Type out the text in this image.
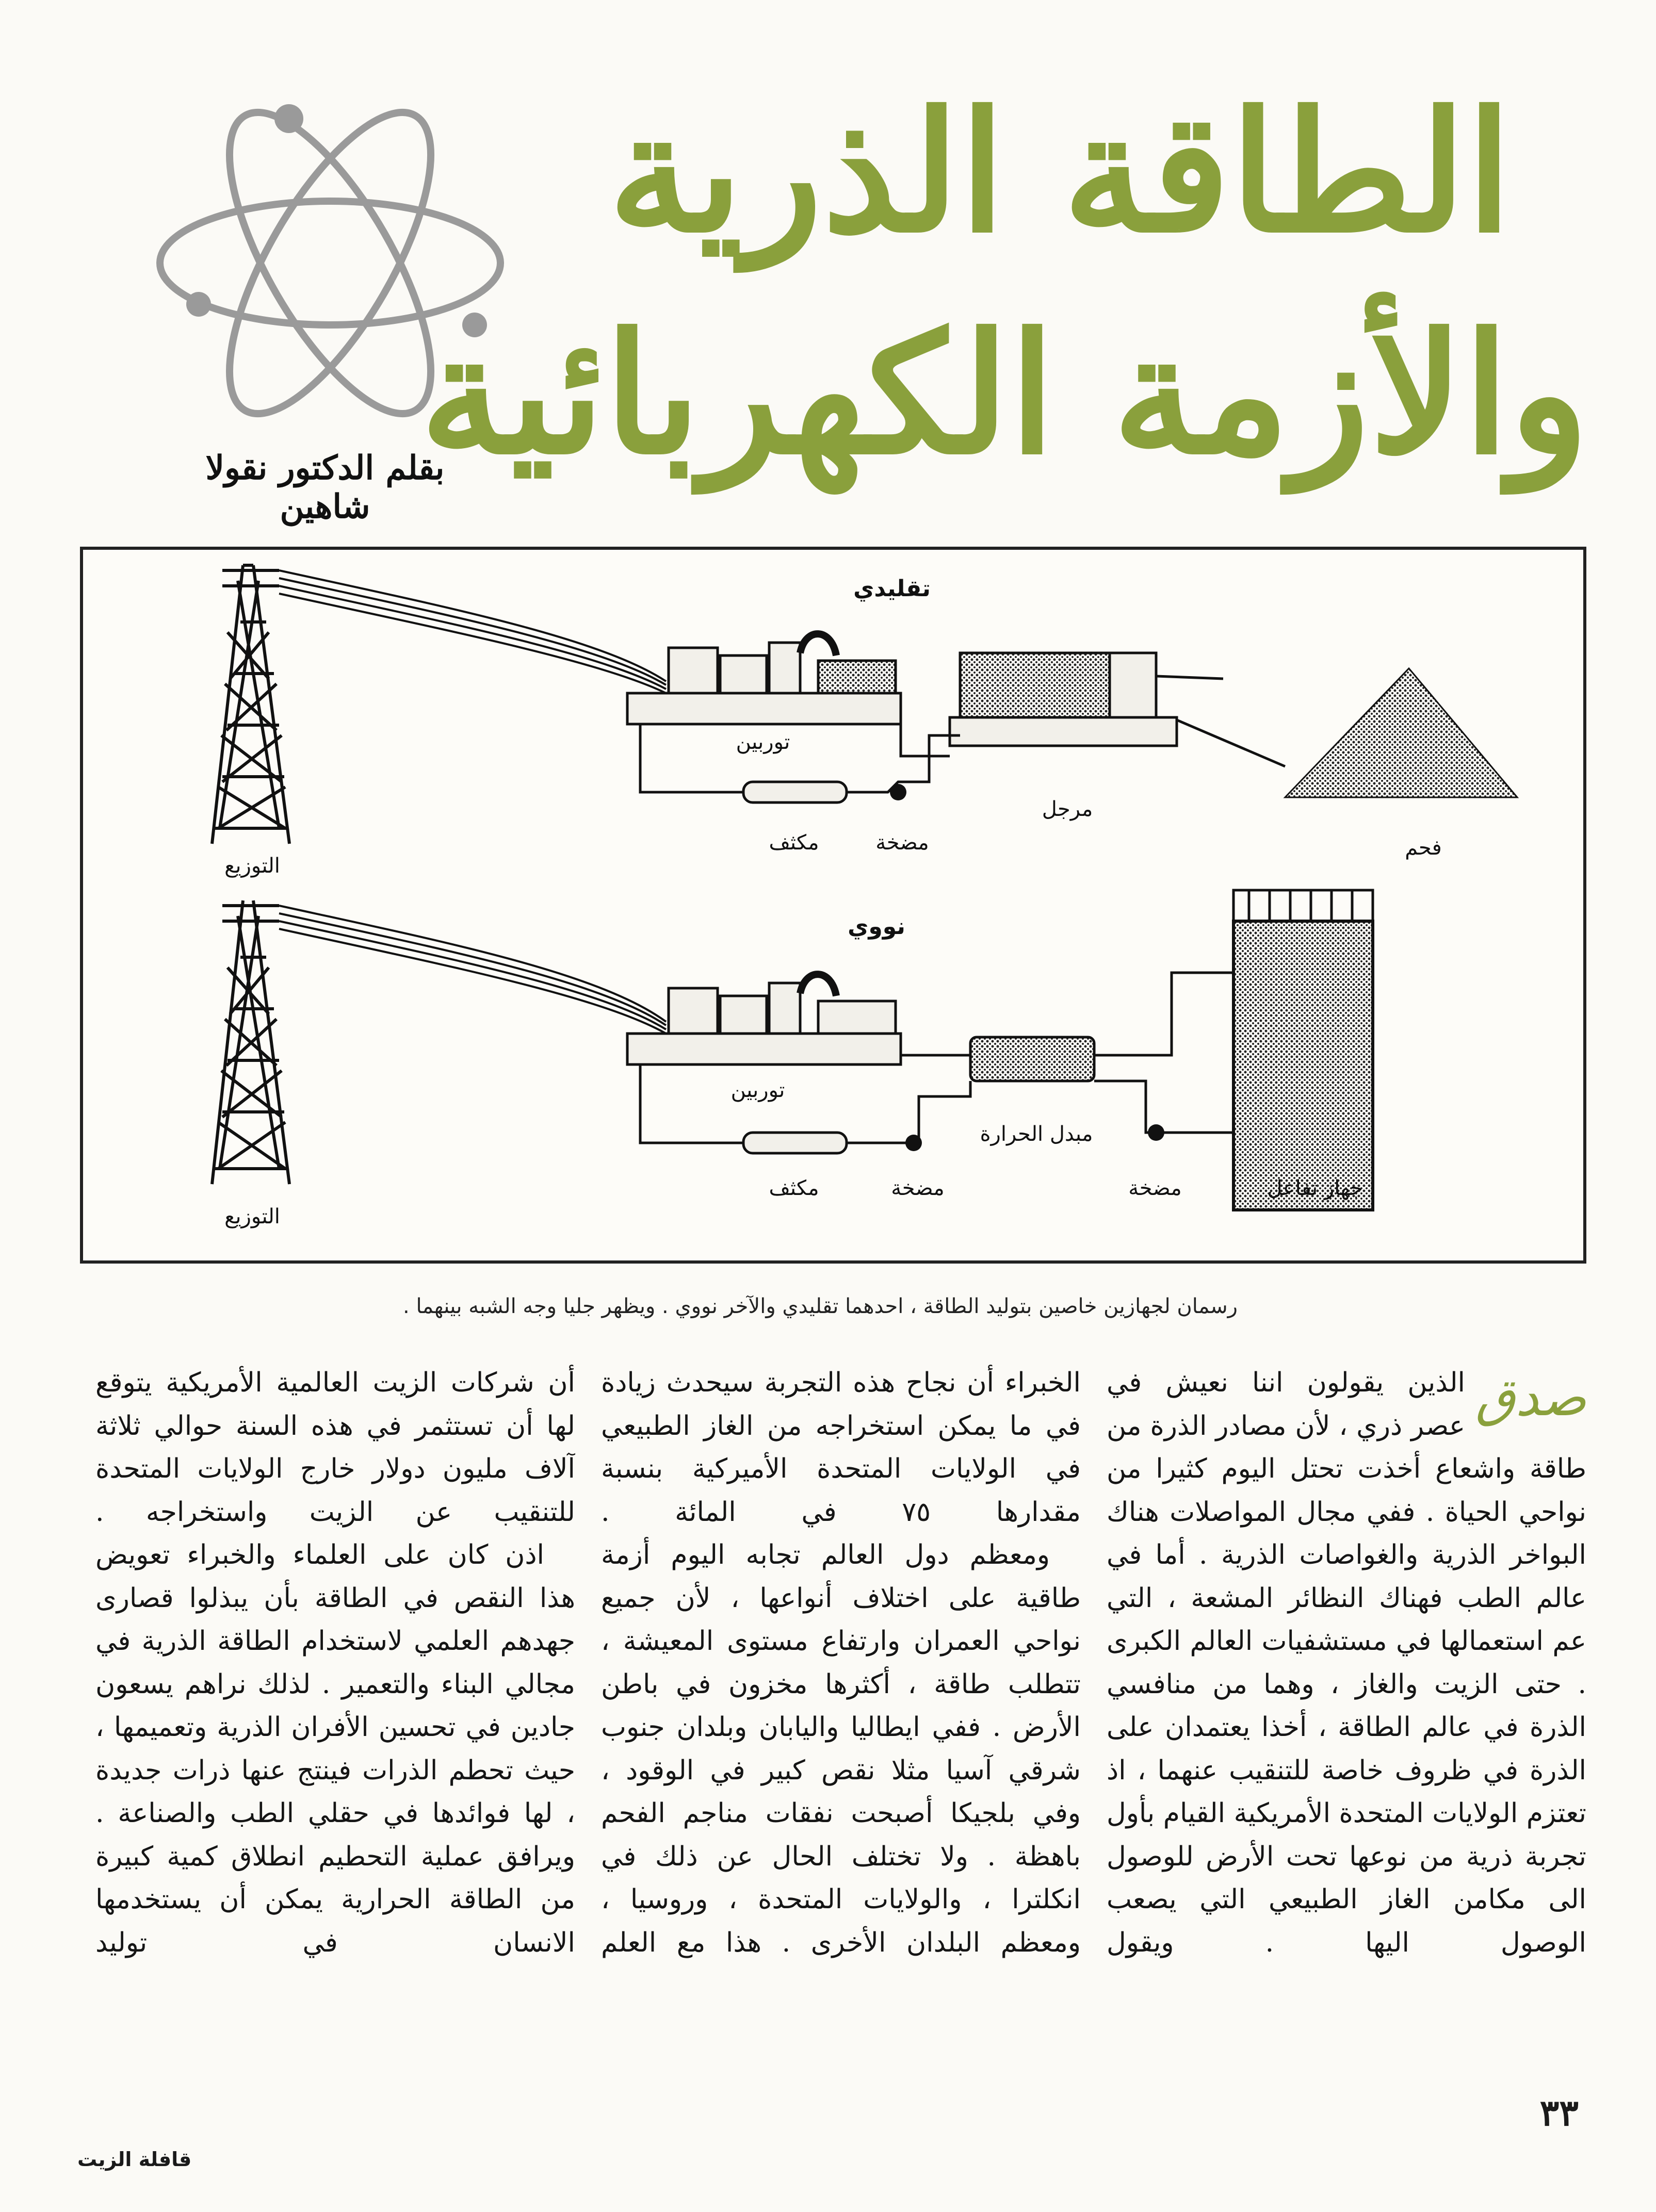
الطاقة الذرية
والأزمة الكهربائية
بقلم الدكتور نقولا شاهين
تقليدي
توربين
مرجل
مكثف	مضخة	فحم
التوزيع
نووي
توربين
مبدل الحرارة
مكثف	مضخة	مضخة	جهاز تفاعل
التوزيع
رسمان لجهازين خاصين بتوليد الطاقة ، احدهما تقليدي والآخر نووي . ويظهر جليا وجه الشبه بينهما .
صدق

الذين يقولون اننا نعيش في عصر ذري ، لأن مصادر الذرة من طاقة واشعاع أخذت تحتل اليوم كثيرا من نواحي الحياة . ففي مجال المواصلات هناك البواخر الذرية والغواصات الذرية . أما في عالم الطب فهناك النظائر المشعة ، التي عم استعمالها في مستشفيات العالم الكبرى . حتى الزيت والغاز ، وهما من منافسي الذرة في عالم الطاقة ، أخذا يعتمدان على الذرة في ظروف خاصة للتنقيب عنهما ، اذ تعتزم الولايات المتحدة الأمريكية القيام بأول تجربة ذرية من نوعها تحت الأرض للوصول الى مكامن الغاز الطبيعي التي يصعب الوصول اليها . ويقول

الخبراء أن نجاح هذه التجربة سيحدث زيادة في ما يمكن استخراجه من الغاز الطبيعي في الولايات المتحدة الأميركية بنسبة مقدارها ٧٥ في المائة .

ومعظم دول العالم تجابه اليوم أزمة طاقية على اختلاف أنواعها ، لأن جميع نواحي العمران وارتفاع مستوى المعيشة ، تتطلب طاقة ، أكثرها مخزون في باطن الأرض . ففي ايطاليا واليابان وبلدان جنوب شرقي آسيا مثلا نقص كبير في الوقود ، وفي بلجيكا أصبحت نفقات مناجم الفحم باهظة . ولا تختلف الحال عن ذلك في انكلترا ، والولايات المتحدة ، وروسيا ، ومعظم البلدان الأخرى . هذا مع العلم

أن شركات الزيت العالمية الأمريكية يتوقع لها أن تستثمر في هذه السنة حوالي ثلاثة آلاف مليون دولار خارج الولايات المتحدة للتنقيب عن الزيت واستخراجه .

اذن كان على العلماء والخبراء تعويض هذا النقص في الطاقة بأن يبذلوا قصارى جهدهم العلمي لاستخدام الطاقة الذرية في مجالي البناء والتعمير . لذلك نراهم يسعون جادين في تحسين الأفران الذرية وتعميمها ، حيث تحطم الذرات فينتج عنها ذرات جديدة ، لها فوائدها في حقلي الطب والصناعة . ويرافق عملية التحطيم انطلاق كمية كبيرة من الطاقة الحرارية يمكن أن يستخدمها الانسان في توليد

٣٣
قافلة الزيت
